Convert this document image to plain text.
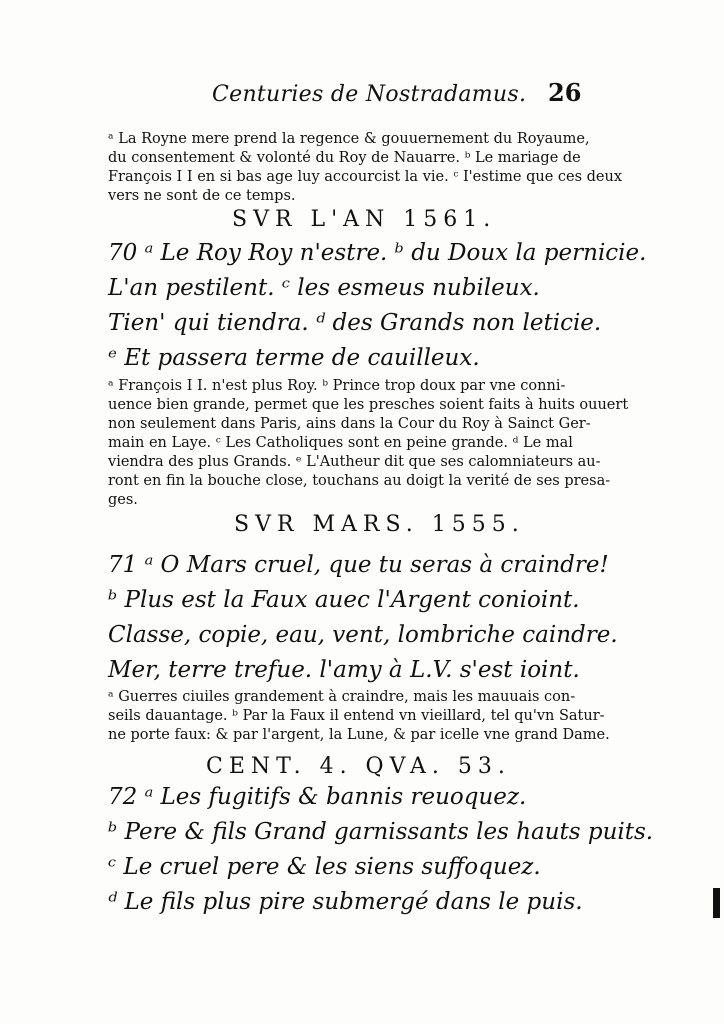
Centuries de Nostradamus. 26
ᵃ La Royne mere prend la regence & gouuernement du Royaume,
du consentement & volonté du Roy de Nauarre. ᵇ Le mariage de
François I I en si bas age luy accourcist la vie. ᶜ I'estime que ces deux
vers ne sont de ce temps.
SVR L'AN 1561.
70 ᵃ Le Roy Roy n'estre. ᵇ du Doux la pernicie.
L'an pestilent. ᶜ les esmeus nubileux.
Tien' qui tiendra. ᵈ des Grands non leticie.
ᵉ Et passera terme de cauilleux.
ᵃ François I I. n'est plus Roy. ᵇ Prince trop doux par vne conni-
uence bien grande, permet que les presches soient faits à huits ouuert
non seulement dans Paris, ains dans la Cour du Roy à Sainct Ger-
main en Laye. ᶜ Les Catholiques sont en peine grande. ᵈ Le mal
viendra des plus Grands. ᵉ L'Autheur dit que ses calomniateurs au-
ront en fin la bouche close, touchans au doigt la verité de ses presa-
ges.
SVR MARS. 1555.
71 ᵃ O Mars cruel, que tu seras à craindre!
ᵇ Plus est la Faux auec l'Argent conioint.
Classe, copie, eau, vent, lombriche caindre.
Mer, terre trefue. l'amy à L.V. s'est ioint.
ᵃ Guerres ciuiles grandement à craindre, mais les mauuais con-
seils dauantage. ᵇ Par la Faux il entend vn vieillard, tel qu'vn Satur-
ne porte faux: & par l'argent, la Lune, & par icelle vne grand Dame.
CENT. 4. QVA. 53.
72 ᵃ Les fugitifs & bannis reuoquez.
ᵇ Pere & fils Grand garnissants les hauts puits.
ᶜ Le cruel pere & les siens suffoquez.
ᵈ Le fils plus pire submergé dans le puis.
